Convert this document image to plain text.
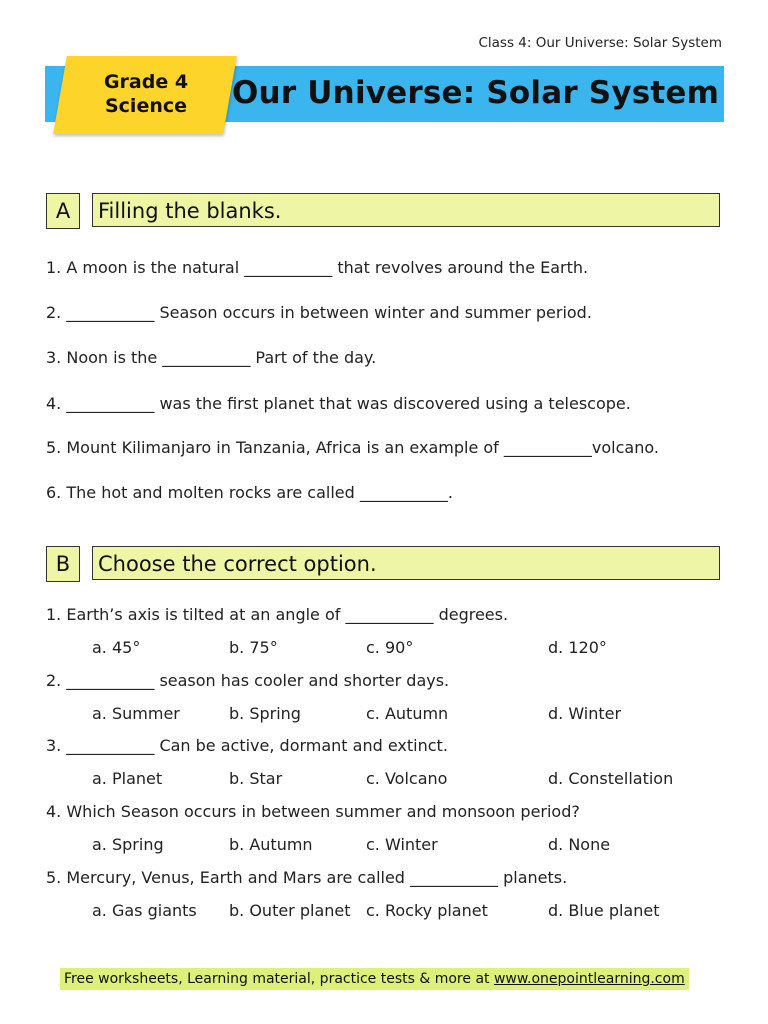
Class 4: Our Universe: Solar System
Grade 4
Science	Our Universe: Solar System
A	Filling the blanks.
1. A moon is the natural ___________ that revolves around the Earth.
2. ___________ Season occurs in between winter and summer period.
3. Noon is the ___________ Part of the day.
4. ___________ was the first planet that was discovered using a telescope.
5. Mount Kilimanjaro in Tanzania, Africa is an example of ___________volcano.
6. The hot and molten rocks are called ___________.
B	Choose the correct option.
1. Earth’s axis is tilted at an angle of ___________ degrees.
a. 45°	b. 75°	c. 90°	d. 120°
2. ___________ season has cooler and shorter days.
a. Summer	b. Spring	c. Autumn	d. Winter
3. ___________ Can be active, dormant and extinct.
a. Planet	b. Star	c. Volcano	d. Constellation
4. Which Season occurs in between summer and monsoon period?
a. Spring	b. Autumn	c. Winter	d. None
5. Mercury, Venus, Earth and Mars are called ___________ planets.
a. Gas giants b. Outer planet c. Rocky planet	d. Blue planet
Free worksheets, Learning material, practice tests & more at www.onepointlearning.com
